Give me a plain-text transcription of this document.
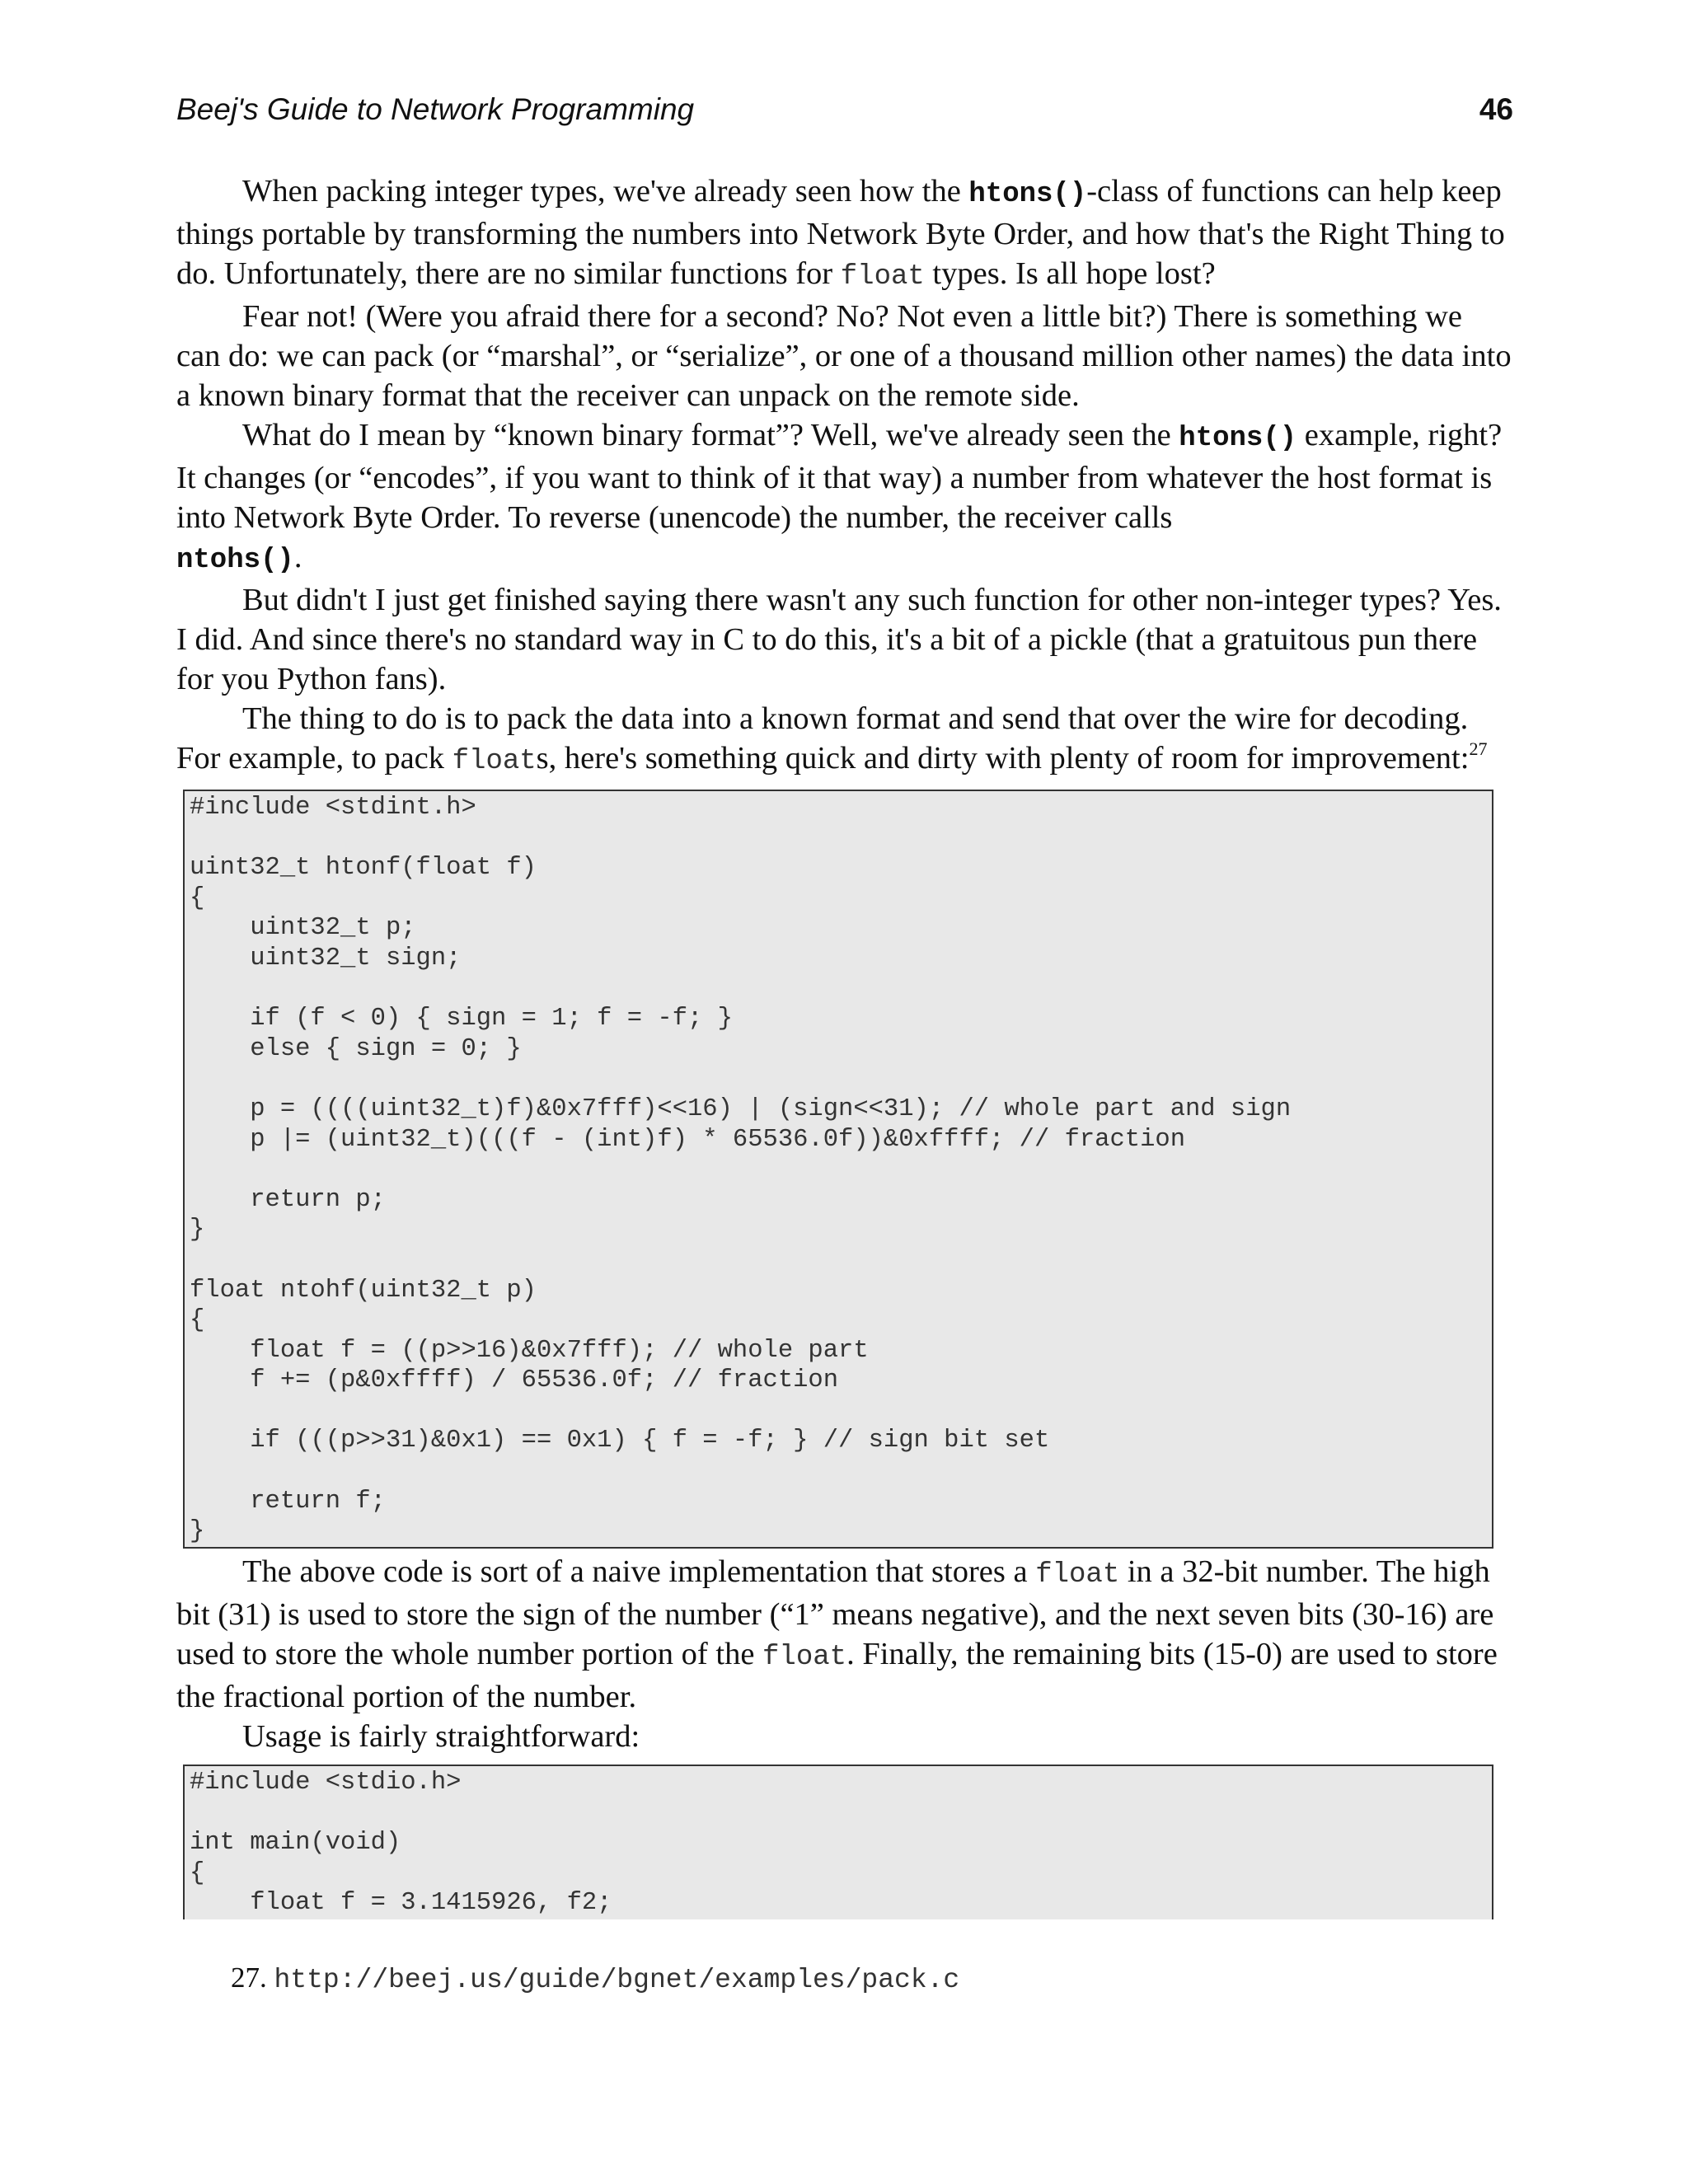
Beej's Guide to Network Programming	46

When packing integer types, we've already seen how the htons()-class of functions can help keep things portable by transforming the numbers into Network Byte Order, and how that's the Right Thing to do. Unfortunately, there are no similar functions for float types. Is all hope lost?

Fear not! (Were you afraid there for a second? No? Not even a little bit?) There is something we can do: we can pack (or “marshal”, or “serialize”, or one of a thousand million other names) the data into a known binary format that the receiver can unpack on the remote side.

What do I mean by “known binary format”? Well, we've already seen the htons() example, right? It changes (or “encodes”, if you want to think of it that way) a number from whatever the host format is into Network Byte Order. To reverse (unencode) the number, the receiver calls
ntohs().

But didn't I just get finished saying there wasn't any such function for other non-integer types? Yes. I did. And since there's no standard way in C to do this, it's a bit of a pickle (that a gratuitous pun there for you Python fans).

The thing to do is to pack the data into a known format and send that over the wire for decoding. For example, to pack floats, here's something quick and dirty with plenty of room for improvement:$^{27}$

#include <stdint.h>
uint32_t htonf(float f)
{
uint32_t p;
uint32_t sign;
if (f < 0) { sign = 1; f = -f; }
else { sign = 0; }
p = ((((uint32_t)f)&0x7fff)<<16) | (sign<<31); // whole part and sign
p |= (uint32_t)(((f - (int)f) * 65536.0f))&0xffff; // fraction
return p;
}
float ntohf(uint32_t p)
{
float f = ((p>>16)&0x7fff); // whole part
f += (p&0xffff) / 65536.0f; // fraction
if (((p>>31)&0x1) == 0x1) { f = -f; } // sign bit set
return f;
}

The above code is sort of a naive implementation that stores a float in a 32-bit number. The high bit (31) is used to store the sign of the number (“1” means negative), and the next seven bits (30-16) are used to store the whole number portion of the float. Finally, the remaining bits (15-0) are used to store the fractional portion of the number.

Usage is fairly straightforward:

#include <stdio.h>
int main(void)
{
float f = 3.1415926, f2;
27. http://beej.us/guide/bgnet/examples/pack.c
